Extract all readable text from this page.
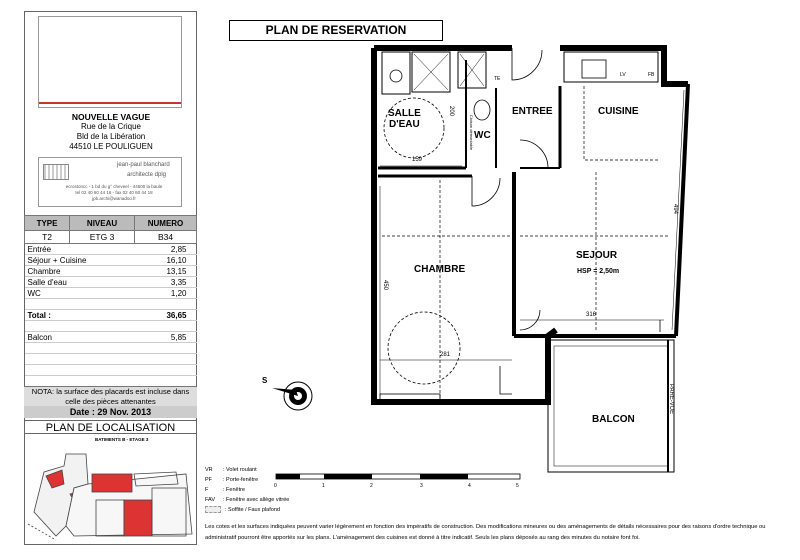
NOUVELLE VAGUE
Rue de la Crique
Bld de la Libération
44510 LE POULIGUEN
jean-paul blanchard
architecte dplg
ecrostoncc - 1 bd du g° cheveel - 44500 la baule
tel 02 40 60 44 16 - fax 02 40 60 44 18
jpb.archi@wanadoo.fr
TYPE	NIVEAU	NUMERO
T2	ETG 3	B34
Entrée		2,85
Séjour + Cuisine		16,10
Chambre		13,15
Salle d'eau		3,35
WC		1,20

Total :		36,65

Balcon		5,85

NOTA: la surface des placards est incluse dans celle des pièces attenantes
Date : 29 Nov. 2013
PLAN DE LOCALISATION
BATIMENTS B - ETAGE 3
PLAN DE RESERVATION
SALLE
D'EAU
WC
ENTREE	CUISINE
SEJOUR
HSP = 2,50m
CHAMBRE
BALCON
PARE-VUE
Cloison démontable
200
159
494
450
316
281
TE
LV	FB
S
0	1	2	3	4	5
VR : Volet roulant
PF : Porte-fenêtre
F	: Fenêtre
FAV : Fenêtre avec allège vitrée
: Soffite / Faux plafond
Les cotes et les surfaces indiquées peuvent varier légèrement en fonction des impératifs de construction. Des modifications mineures ou des aménagements de détails nécessaires pour des raisons d'ordre technique ou administratif pourront être apportés sur les plans. L'aménagement des cuisines est donné à titre indicatif. Seuls les plans déposés au rang des minutes du notaire font foi.
